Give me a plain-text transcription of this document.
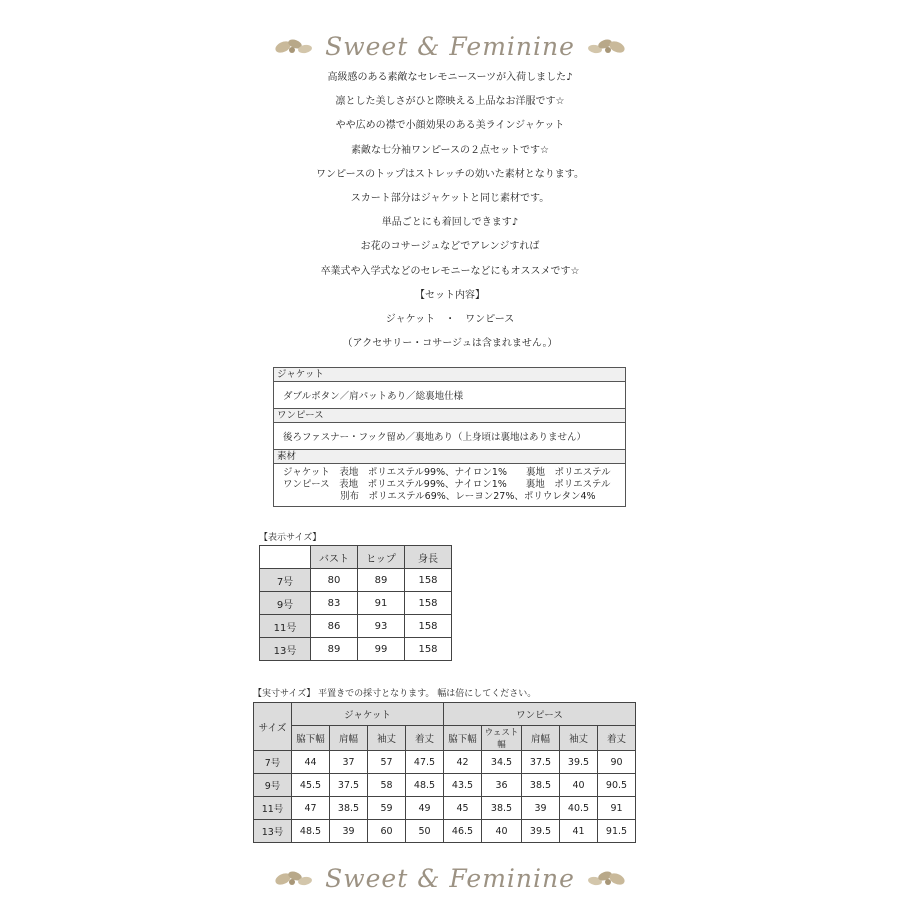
Sweet & Feminine

高級感のある素敵なセレモニースーツが入荷しました♪

凛とした美しさがひと際映える上品なお洋服です☆

やや広めの襟で小顔効果のある美ラインジャケット

素敵な七分袖ワンピースの２点セットです☆

ワンピースのトップはストレッチの効いた素材となります。

スカート部分はジャケットと同じ素材です。

単品ごとにも着回しできます♪

お花のコサージュなどでアレンジすれば

卒業式や入学式などのセレモニーなどにもオススメです☆

【セット内容】

ジャケット　・　ワンピース

（アクセサリー・コサージュは含まれません。）

ジャケット
ダブルボタン／肩パットあり／総裏地仕様
ワンピース
後ろファスナー・フック留め／裏地あり（上身頃は裏地はありません）
素材

ジャケット　表地　ポリエステル99%、ナイロン1%　　裏地　ポリエステル
ワンピース　表地　ポリエステル99%、ナイロン1%　　裏地　ポリエステル
　　　　　　別布　ポリエステル69%、レーヨン27%、ポリウレタン4%
【表示サイズ】
	バスト	ヒップ	身長
7号	80	89	158
9号	83	91	158
11号	86	93	158
13号	89	99	158
【実寸サイズ】 平置きでの採寸となります。 幅は倍にしてください。
サイズ	ジャケット				ワンピース				
	脇下幅	肩幅	袖丈	着丈	脇下幅	ウェスト幅	肩幅	袖丈	着丈
7号	44	37	57	47.5	42	34.5	37.5	39.5	90
9号	45.5	37.5	58	48.5	43.5	36	38.5	40	90.5
11号	47	38.5	59	49	45	38.5	39	40.5	91
13号	48.5	39	60	50	46.5	40	39.5	41	91.5
Sweet & Feminine
